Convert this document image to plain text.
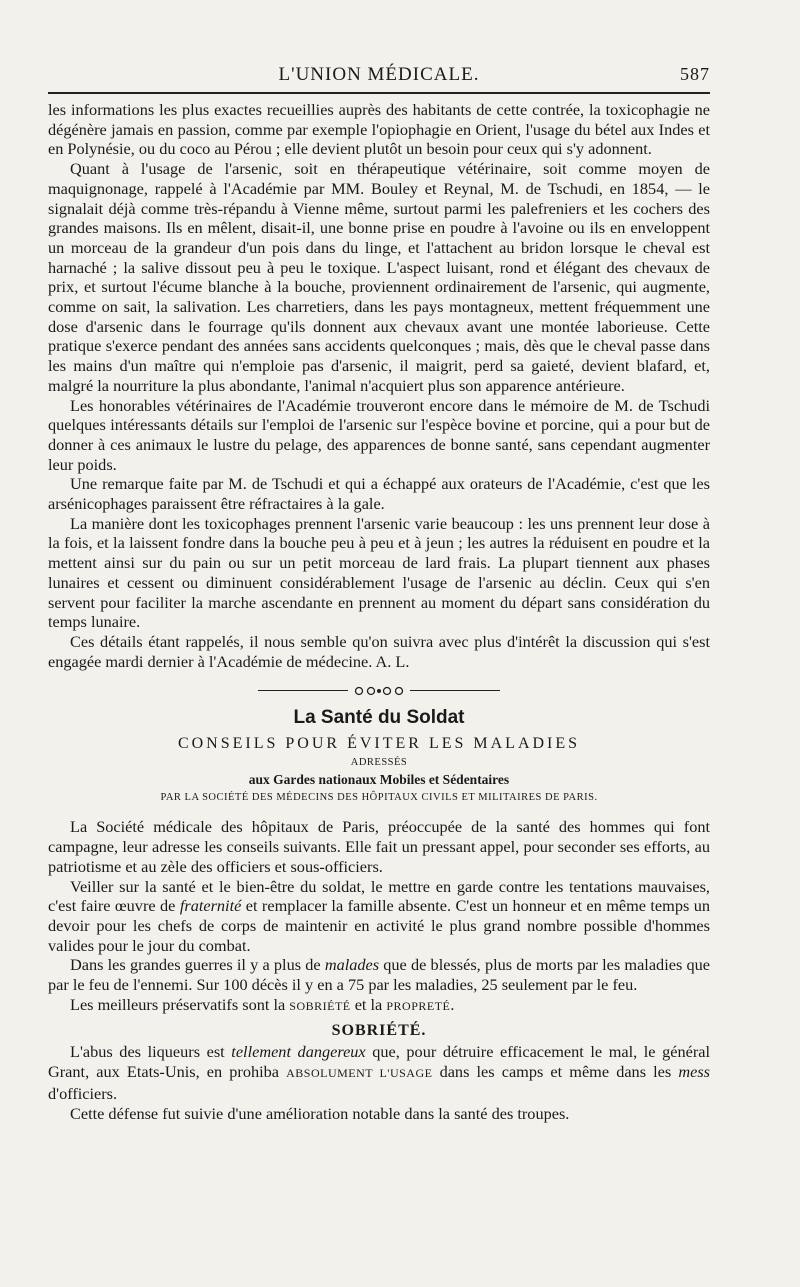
L'UNION MÉDICALE.	587

les informations les plus exactes recueillies auprès des habitants de cette contrée, la toxicophagie ne dégénère jamais en passion, comme par exemple l'opiophagie en Orient, l'usage du bétel aux Indes et en Polynésie, ou du coco au Pérou ; elle devient plutôt un besoin pour ceux qui s'y adonnent.

Quant à l'usage de l'arsenic, soit en thérapeutique vétérinaire, soit comme moyen de maquignonage, rappelé à l'Académie par MM. Bouley et Reynal, M. de Tschudi, en 1854, — le signalait déjà comme très-répandu à Vienne même, surtout parmi les palefreniers et les cochers des grandes maisons. Ils en mêlent, disait-il, une bonne prise en poudre à l'avoine ou ils en enveloppent un morceau de la grandeur d'un pois dans du linge, et l'attachent au bridon lorsque le cheval est harnaché ; la salive dissout peu à peu le toxique. L'aspect luisant, rond et élégant des chevaux de prix, et surtout l'écume blanche à la bouche, proviennent ordinairement de l'arsenic, qui augmente, comme on sait, la salivation. Les charretiers, dans les pays montagneux, mettent fréquemment une dose d'arsenic dans le fourrage qu'ils donnent aux chevaux avant une montée laborieuse. Cette pratique s'exerce pendant des années sans accidents quelconques ; mais, dès que le cheval passe dans les mains d'un maître qui n'emploie pas d'arsenic, il maigrit, perd sa gaieté, devient blafard, et, malgré la nourriture la plus abondante, l'animal n'acquiert plus son apparence antérieure.

Les honorables vétérinaires de l'Académie trouveront encore dans le mémoire de M. de Tschudi quelques intéressants détails sur l'emploi de l'arsenic sur l'espèce bovine et porcine, qui a pour but de donner à ces animaux le lustre du pelage, des apparences de bonne santé, sans cependant augmenter leur poids.

Une remarque faite par M. de Tschudi et qui a échappé aux orateurs de l'Académie, c'est que les arsénicophages paraissent être réfractaires à la gale.

La manière dont les toxicophages prennent l'arsenic varie beaucoup : les uns prennent leur dose à la fois, et la laissent fondre dans la bouche peu à peu et à jeun ; les autres la réduisent en poudre et la mettent ainsi sur du pain ou sur un petit morceau de lard frais. La plupart tiennent aux phases lunaires et cessent ou diminuent considérablement l'usage de l'arsenic au déclin. Ceux qui s'en servent pour faciliter la marche ascendante en prennent au moment du départ sans considération du temps lunaire.

Ces détails étant rappelés, il nous semble qu'on suivra avec plus d'intérêt la discussion qui s'est engagée mardi dernier à l'Académie de médecine. A. L.

La Santé du Soldat
CONSEILS POUR ÉVITER LES MALADIES
ADRESSÉS
aux Gardes nationaux Mobiles et Sédentaires
PAR LA SOCIÉTÉ DES MÉDECINS DES HÔPITAUX CIVILS ET MILITAIRES DE PARIS.

La Société médicale des hôpitaux de Paris, préoccupée de la santé des hommes qui font campagne, leur adresse les conseils suivants. Elle fait un pressant appel, pour seconder ses efforts, au patriotisme et au zèle des officiers et sous-officiers.

Veiller sur la santé et le bien-être du soldat, le mettre en garde contre les tentations mauvaises, c'est faire œuvre de fraternité et remplacer la famille absente. C'est un honneur et en même temps un devoir pour les chefs de corps de maintenir en activité le plus grand nombre possible d'hommes valides pour le jour du combat.

Dans les grandes guerres il y a plus de malades que de blessés, plus de morts par les maladies que par le feu de l'ennemi. Sur 100 décès il y en a 75 par les maladies, 25 seulement par le feu.

Les meilleurs préservatifs sont la SOBRIÉTÉ et la PROPRETÉ.

SOBRIÉTÉ.

L'abus des liqueurs est tellement dangereux que, pour détruire efficacement le mal, le général Grant, aux Etats-Unis, en prohiba ABSOLUMENT L'USAGE dans les camps et même dans les mess d'officiers.

Cette défense fut suivie d'une amélioration notable dans la santé des troupes.
